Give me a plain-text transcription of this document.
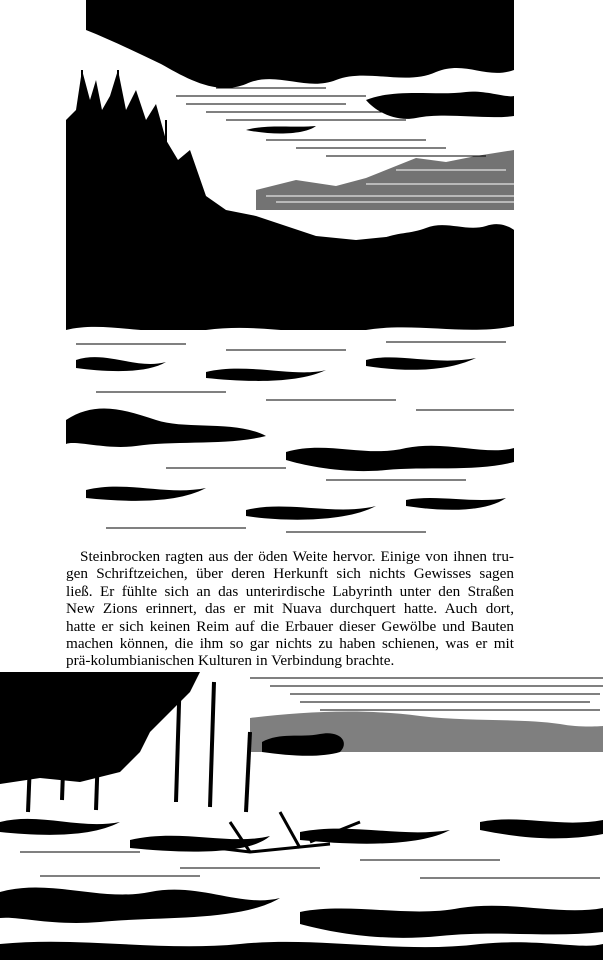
Steinbrocken ragten aus der öden Weite hervor. Einige von ihnen tru-
gen Schriftzeichen, über deren Herkunft sich nichts Gewisses sagen
ließ. Er fühlte sich an das unterirdische Labyrinth unter den Straßen
New Zions erinnert, das er mit Nuava durchquert hatte. Auch dort,
hatte er sich keinen Reim auf die Erbauer dieser Gewölbe und Bauten
machen können, die ihm so gar nichts zu haben schienen, was er mit
prä-kolumbianischen Kulturen in Verbindung brachte.
